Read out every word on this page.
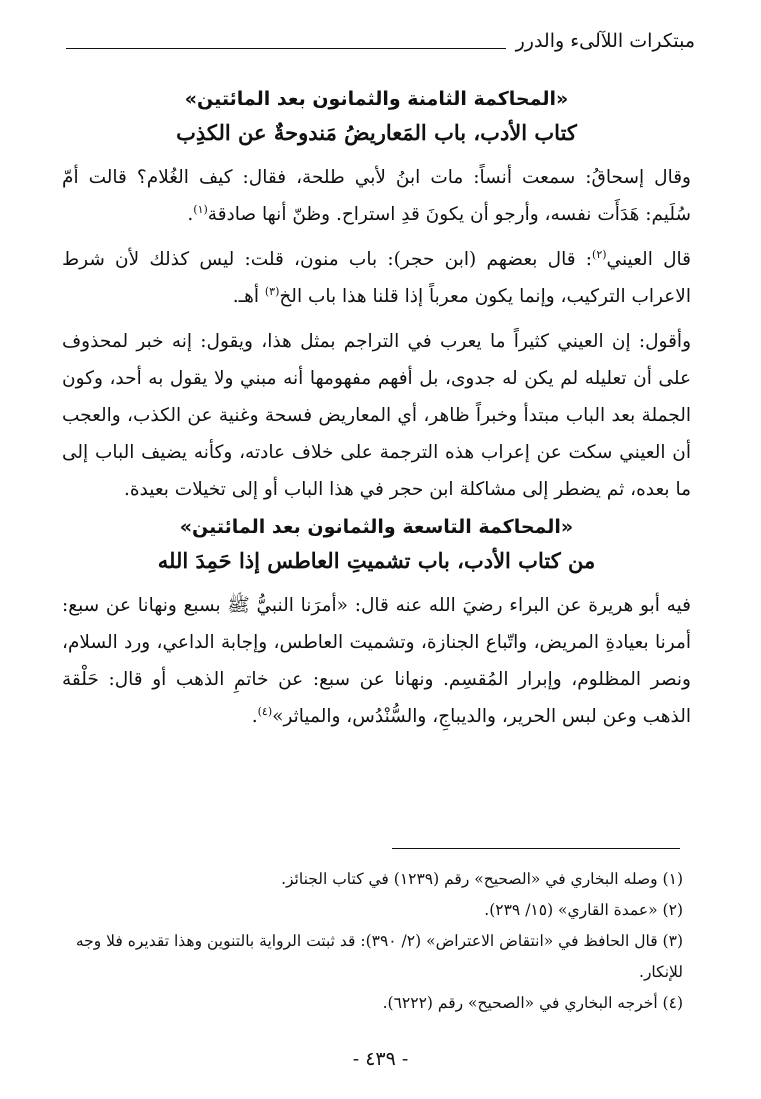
مبتكرات اللآلىء والدرر
«المحاكمة الثامنة والثمانون بعد المائتين»
كتاب الأدب، باب المَعاريضُ مَندوحةٌ عن الكذِب

وقال إسحاقُ: سمعت أنساً: مات ابنُ لأبي طلحة، فقال: كيف الغُلام؟ قالت أمّ سُلَيم: هَدَأَت نفسه، وأرجو أن يكونَ قدِ استراح. وظنّ أنها صادقة$^{(١)}$.

قال العيني$^{(٢)}$: قال بعضهم (ابن حجر): باب منون، قلت: ليس كذلك لأن شرط الاعراب التركيب، وإنما يكون معرباً إذا قلنا هذا باب الخ$^{(٣)}$ أهـ.

وأقول: إن العيني كثيراً ما يعرب في التراجم بمثل هذا، ويقول: إنه خبر لمحذوف على أن تعليله لم يكن له جدوى، بل أفهم مفهومها أنه مبني ولا يقول به أحد، وكون الجملة بعد الباب مبتدأ وخبراً ظاهر، أي المعاريض فسحة وغنية عن الكذب، والعجب أن العيني سكت عن إعراب هذه الترجمة على خلاف عادته، وكأنه يضيف الباب إلى ما بعده، ثم يضطر إلى مشاكلة ابن حجر في هذا الباب أو إلى تخيلات بعيدة.

«المحاكمة التاسعة والثمانون بعد المائتين»
من كتاب الأدب، باب تشميتِ العاطس إذا حَمِدَ الله

فيه أبو هريرة عن البراء رضيَ الله عنه قال: «أمرَنا النبيُّ ﷺ بسبع ونهانا عن سبع: أمرنا بعيادةِ المريض، واتّباع الجنازة، وتشميت العاطس، وإجابة الداعي، ورد السلام، ونصر المظلوم، وإبرار المُقسِم. ونهانا عن سبع: عن خاتمِ الذهب أو قال: حَلْقة الذهب وعن لبس الحرير، والديباجِ، والسُّنْدُس، والمياثر»$^{(٤)}$.

(١) وصله البخاري في «الصحيح» رقم (١٢٣٩) في كتاب الجنائز.

(٢) «عمدة القاري» (١٥/ ٢٣٩).

(٣) قال الحافظ في «انتقاض الاعتراض» (٢/ ٣٩٠): قد ثبتت الرواية بالتنوين وهذا تقديره فلا وجه للإنكار.

(٤) أخرجه البخاري في «الصحيح» رقم (٦٢٢٢).

- ٤٣٩ -
